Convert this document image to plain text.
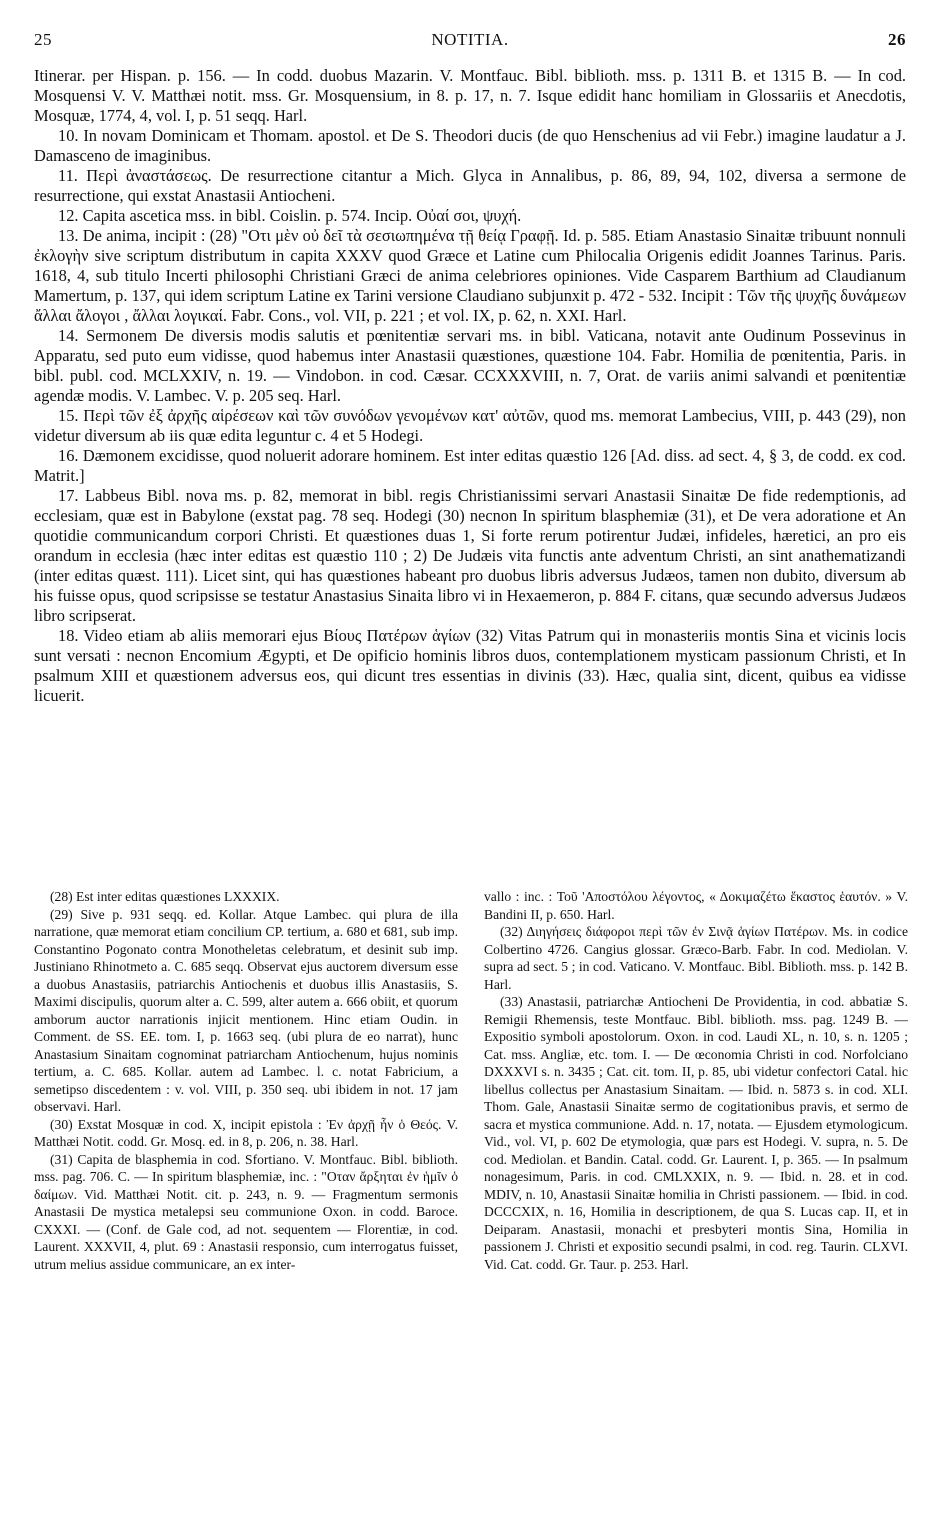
25	NOTITIA.	26

Itinerar. per Hispan. p. 156. — In codd. duobus Mazarin. V. Montfauc. Bibl. biblioth. mss. p. 1311 B. et 1315 B. — In cod. Mosquensi V. V. Matthæi notit. mss. Gr. Mosquensium, in 8. p. 17, n. 7. Isque edidit hanc homiliam in Glossariis et Anecdotis, Mosquæ, 1774, 4, vol. I, p. 51 seqq. Harl.

10. In novam Dominicam et Thomam. apostol. et De S. Theodori ducis (de quo Henschenius ad vii Febr.) imagine laudatur a J. Damasceno de imaginibus.

11. Περὶ ἀναστάσεως. De resurrectione citantur a Mich. Glyca in Annalibus, p. 86, 89, 94, 102, diversa a sermone de resurrectione, qui exstat Anastasii Antiocheni.

12. Capita ascetica mss. in bibl. Coislin. p. 574. Incip. Οὐαί σοι, ψυχή.

13. De anima, incipit : (28) "Οτι μὲν οὐ δεῖ τὰ σεσιωπημένα τῇ θείᾳ Γραφῇ. Id. p. 585. Etiam Anastasio Sinaitæ tribuunt nonnuli ἐκλογὴν sive scriptum distributum in capita XXXV quod Græce et Latine cum Philocalia Origenis edidit Joannes Tarinus. Paris. 1618, 4, sub titulo Incerti philosophi Christiani Græci de anima celebriores opiniones. Vide Casparem Barthium ad Claudianum Mamertum, p. 137, qui idem scriptum Latine ex Tarini versione Claudiano subjunxit p. 472 - 532. Incipit : Τῶν τῆς ψυχῆς δυνάμεων ἄλλαι ἄλογοι , ἄλλαι λογικαί. Fabr. Cons., vol. VII, p. 221 ; et vol. IX, p. 62, n. XXI. Harl.

14. Sermonem De diversis modis salutis et pœnitentiæ servari ms. in bibl. Vaticana, notavit ante Oudinum Possevinus in Apparatu, sed puto eum vidisse, quod habemus inter Anastasii quæstiones, quæstione 104. Fabr. Homilia de pœnitentia, Paris. in bibl. publ. cod. MCLXXIV, n. 19. — Vindobon. in cod. Cæsar. CCXXXVIII, n. 7, Orat. de variis animi salvandi et pœnitentiæ agendæ modis. V. Lambec. V. p. 205 seq. Harl.

15. Περὶ τῶν ἐξ ἀρχῆς αἱρέσεων καὶ τῶν συνόδων γενομένων κατ' αὐτῶν, quod ms. memorat Lambecius, VIII, p. 443 (29), non videtur diversum ab iis quæ edita leguntur c. 4 et 5 Hodegi.

16. Dæmonem excidisse, quod noluerit adorare hominem. Est inter editas quæstio 126 [Ad. diss. ad sect. 4, § 3, de codd. ex cod. Matrit.]

17. Labbeus Bibl. nova ms. p. 82, memorat in bibl. regis Christianissimi servari Anastasii Sinaitæ De fide redemptionis, ad ecclesiam, quæ est in Babylone (exstat pag. 78 seq. Hodegi (30) necnon In spiritum blasphemiæ (31), et De vera adoratione et An quotidie communicandum corpori Christi. Et quæstiones duas 1, Si forte rerum potirentur Judæi, infideles, hæretici, an pro eis orandum in ecclesia (hæc inter editas est quæstio 110 ; 2) De Judæis vita functis ante adventum Christi, an sint anathematizandi (inter editas quæst. 111). Licet sint, qui has quæstiones habeant pro duobus libris adversus Judæos, tamen non dubito, diversum ab his fuisse opus, quod scripsisse se testatur Anastasius Sinaita libro vi in Hexaemeron, p. 884 F. citans, quæ secundo adversus Judæos libro scripserat.

18. Video etiam ab aliis memorari ejus Βίους Πατέρων ἁγίων (32) Vitas Patrum qui in monasteriis montis Sina et vicinis locis sunt versati : necnon Encomium Ægypti, et De opificio hominis libros duos, contemplationem mysticam passionum Christi, et In psalmum XIII et quæstionem adversus eos, qui dicunt tres essentias in divinis (33). Hæc, qualia sint, dicent, quibus ea vidisse licuerit.

(28) Est inter editas quæstiones LXXXIX.

(29) Sive p. 931 seqq. ed. Kollar. Atque Lambec. qui plura de illa narratione, quæ memorat etiam concilium CP. tertium, a. 680 et 681, sub imp. Constantino Pogonato contra Monotheletas celebratum, et desinit sub imp. Justiniano Rhinotmeto a. C. 685 seqq. Observat ejus auctorem diversum esse a duobus Anastasiis, patriarchis Antiochenis et duobus illis Anastasiis, S. Maximi discipulis, quorum alter a. C. 599, alter autem a. 666 obiit, et quorum amborum auctor narrationis injicit mentionem. Hinc etiam Oudin. in Comment. de SS. EE. tom. I, p. 1663 seq. (ubi plura de eo narrat), hunc Anastasium Sinaitam cognominat patriarcham Antiochenum, hujus nominis tertium, a. C. 685. Kollar. autem ad Lambec. l. c. notat Fabricium, a semetipso discedentem : v. vol. VIII, p. 350 seq. ubi ibidem in not. 17 jam observavi. Harl.

(30) Exstat Mosquæ in cod. X, incipit epistola : Ἐν ἀρχῇ ἦν ὁ Θεός. V. Matthæi Notit. codd. Gr. Mosq. ed. in 8, p. 206, n. 38. Harl.

(31) Capita de blasphemia in cod. Sfortiano. V. Montfauc. Bibl. biblioth. mss. pag. 706. C. — In spiritum blasphemiæ, inc. : "Οταν ἄρξηται ἐν ἡμῖν ὁ δαίμων. Vid. Matthæi Notit. cit. p. 243, n. 9. — Fragmentum sermonis Anastasii De mystica metalepsi seu communione Oxon. in codd. Baroce. CXXXI. — (Conf. de Gale cod, ad not. sequentem — Florentiæ, in cod. Laurent. XXXVII, 4, plut. 69 : Anastasii responsio, cum interrogatus fuisset, utrum melius assidue communicare, an ex inter-

vallo : inc. : Τοῦ 'Αποστόλου λέγοντος, « Δοκιμαζέτω ἕκαστος ἑαυτόν. » V. Bandini II, p. 650. Harl.

(32) Διηγήσεις διάφοροι περὶ τῶν ἐν Σινᾷ ἁγίων Πατέρων. Ms. in codice Colbertino 4726. Cangius glossar. Græco-Barb. Fabr. In cod. Mediolan. V. supra ad sect. 5 ; in cod. Vaticano. V. Montfauc. Bibl. Biblioth. mss. p. 142 B. Harl.

(33) Anastasii, patriarchæ Antiocheni De Providentia, in cod. abbatiæ S. Remigii Rhemensis, teste Montfauc. Bibl. biblioth. mss. pag. 1249 B. — Expositio symboli apostolorum. Oxon. in cod. Laudi XL, n. 10, s. n. 1205 ; Cat. mss. Angliæ, etc. tom. I. — De œconomia Christi in cod. Norfolciano DXXXVI s. n. 3435 ; Cat. cit. tom. II, p. 85, ubi videtur confectori Catal. hic libellus collectus per Anastasium Sinaitam. — Ibid. n. 5873 s. in cod. XLI. Thom. Gale, Anastasii Sinaitæ sermo de cogitationibus pravis, et sermo de sacra et mystica communione. Add. n. 17, notata. — Ejusdem etymologicum. Vid., vol. VI, p. 602 De etymologia, quæ pars est Hodegi. V. supra, n. 5. De cod. Mediolan. et Bandin. Catal. codd. Gr. Laurent. I, p. 365. — In psalmum nonagesimum, Paris. in cod. CMLXXIX, n. 9. — Ibid. n. 28. et in cod. MDIV, n. 10, Anastasii Sinaitæ homilia in Christi passionem. — Ibid. in cod. DCCCXIX, n. 16, Homilia in descriptionem, de qua S. Lucas cap. II, et in Deiparam. Anastasii, monachi et presbyteri montis Sina, Homilia in passionem J. Christi et expositio secundi psalmi, in cod. reg. Taurin. CLXVI. Vid. Cat. codd. Gr. Taur. p. 253. Harl.
